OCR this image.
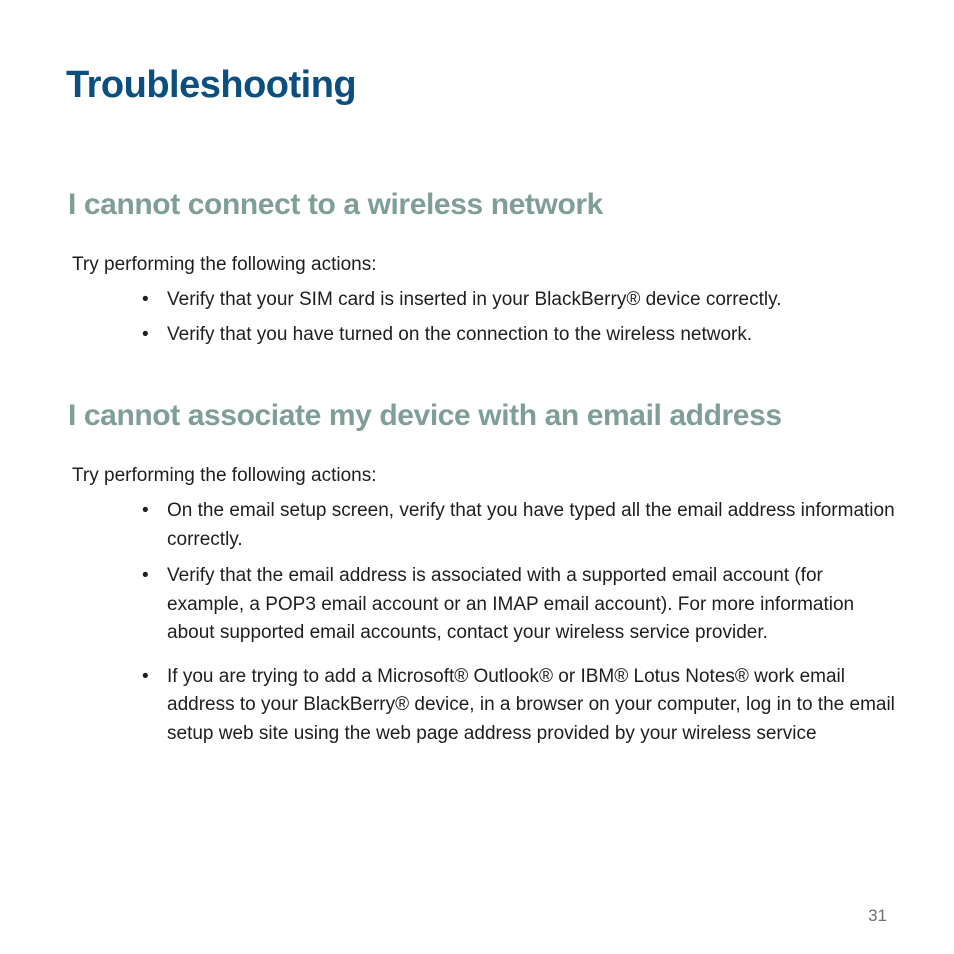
Troubleshooting
I cannot connect to a wireless network

Try performing the following actions:

• Verify that your SIM card is inserted in your BlackBerry® device correctly.
• Verify that you have turned on the connection to the wireless network.
I cannot associate my device with an email address

Try performing the following actions:

• On the email setup screen, verify that you have typed all the email address information correctly.
• Verify that the email address is associated with a supported email account (for example, a POP3 email account or an IMAP email account). For more information about supported email accounts, contact your wireless service provider.
• If you are trying to add a Microsoft® Outlook® or IBM® Lotus Notes® work email address to your BlackBerry® device, in a browser on your computer, log in to the email setup web site using the web page address provided by your wireless service
31
